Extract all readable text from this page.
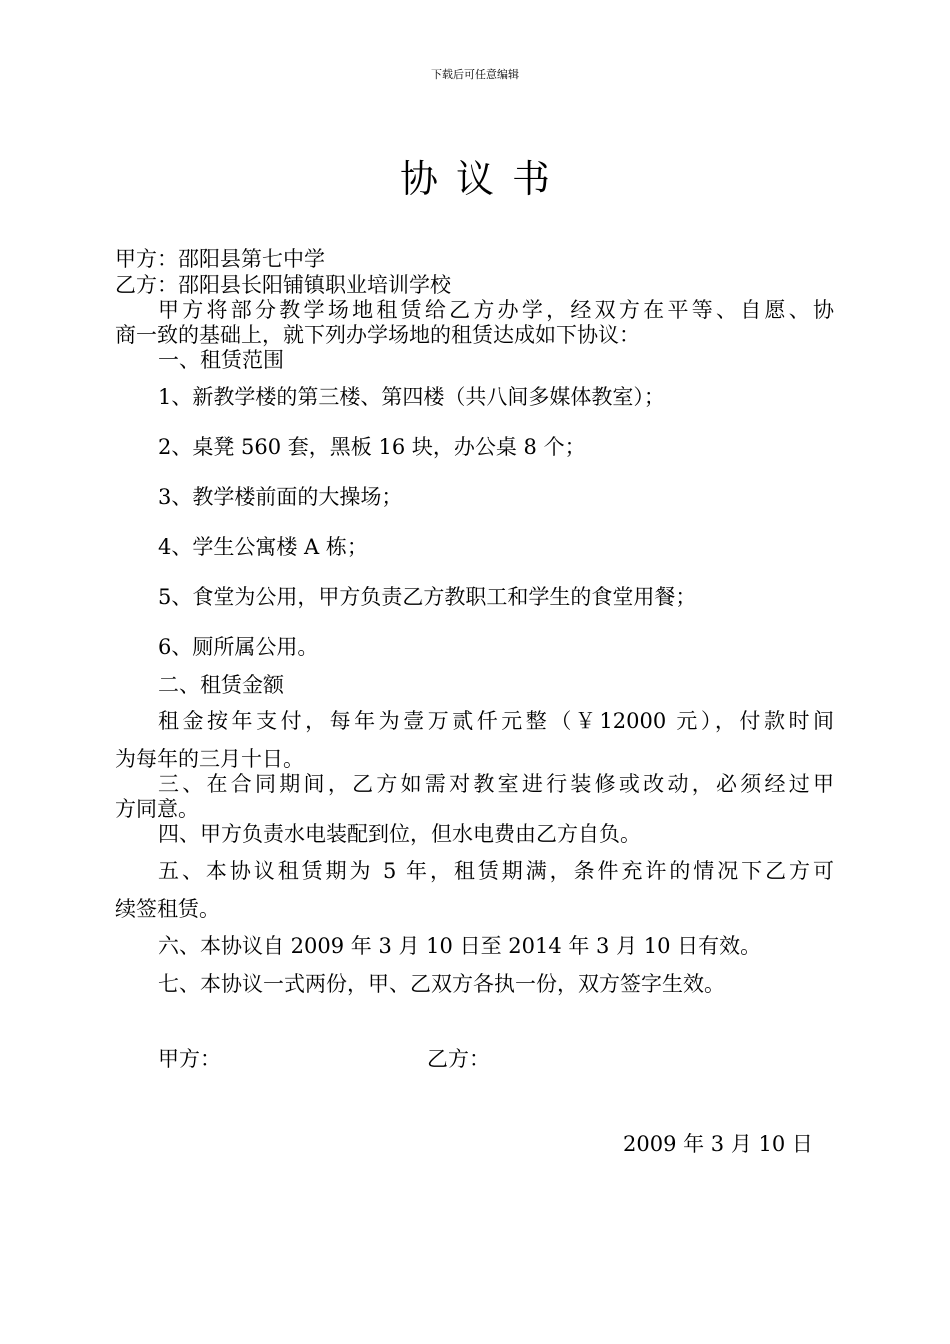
下载后可任意编辑
协议书
甲方：邵阳县第七中学
乙方：邵阳县长阳铺镇职业培训学校
甲方将部分教学场地租赁给乙方办学，经双方在平等、自愿、协
商一致的基础上，就下列办学场地的租赁达成如下协议：
一、租赁范围
1、新教学楼的第三楼、第四楼（共八间多媒体教室）；
2、桌凳 560 套，黑板 16 块，办公桌 8 个；
3、教学楼前面的大操场；
4、学生公寓楼 A 栋；
5、食堂为公用，甲方负责乙方教职工和学生的食堂用餐；
6、厕所属公用。
二、租赁金额
租金按年支付，每年为壹万贰仟元整（￥12000 元），付款时间
为每年的三月十日。
三、在合同期间，乙方如需对教室进行装修或改动，必须经过甲
方同意。
四、甲方负责水电装配到位，但水电费由乙方自负。
五、本协议租赁期为 5 年，租赁期满，条件充许的情况下乙方可
续签租赁。
六、本协议自 2009 年 3 月 10 日至 2014 年 3 月 10 日有效。
七、本协议一式两份，甲、乙双方各执一份，双方签字生效。
甲方：	乙方：
2009 年 3 月 10 日
